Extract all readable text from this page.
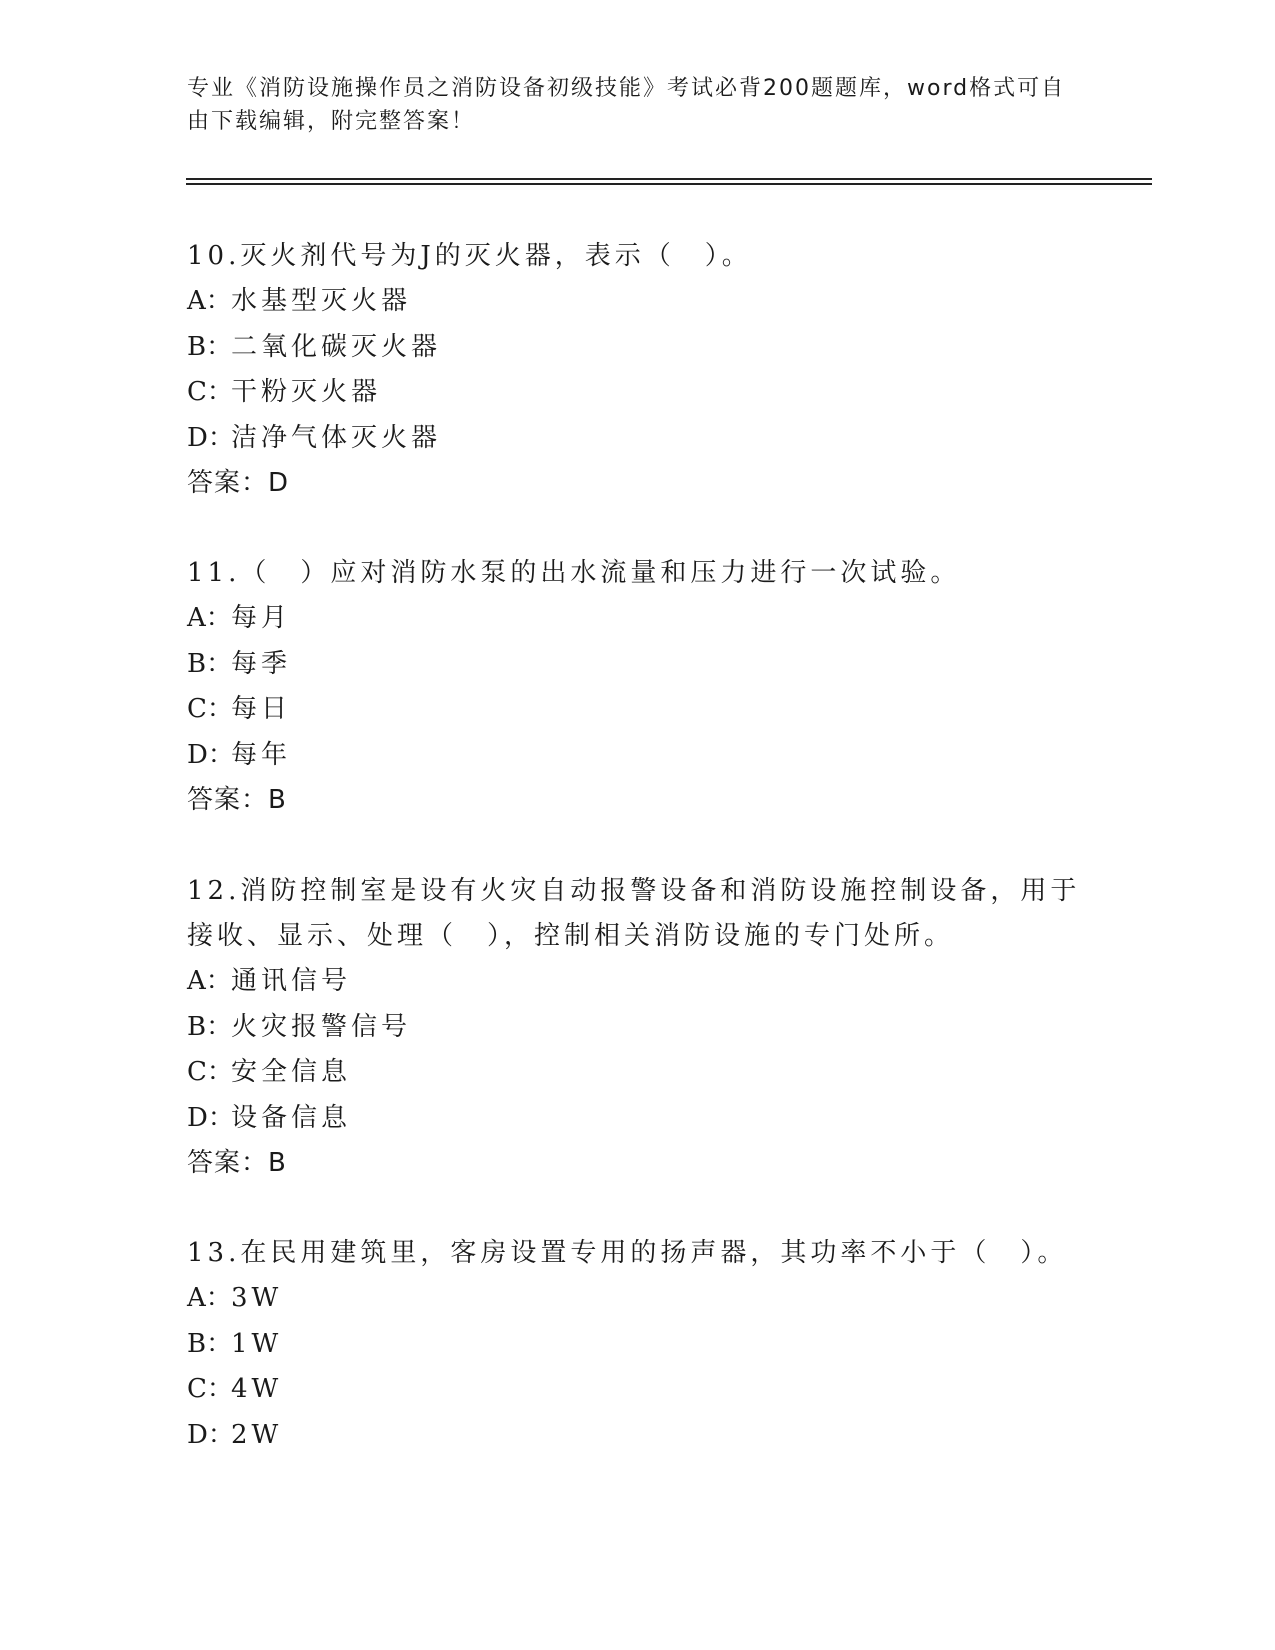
专业《消防设施操作员之消防设备初级技能》考试必背200题题库，word格式可自由下载编辑，附完整答案！

10.灭火剂代号为J的灭火器，表示（　）。

A：水基型灭火器

B：二氧化碳灭火器

C：干粉灭火器

D：洁净气体灭火器

答案：D

11.（　）应对消防水泵的出水流量和压力进行一次试验。

A：每月

B：每季

C：每日

D：每年

答案：B

12.消防控制室是设有火灾自动报警设备和消防设施控制设备，用于接收、显示、处理（　），控制相关消防设施的专门处所。

A：通讯信号

B：火灾报警信号

C：安全信息

D：设备信息

答案：B

13.在民用建筑里，客房设置专用的扬声器，其功率不小于（　）。

A：3W

B：1W

C：4W

D：2W
